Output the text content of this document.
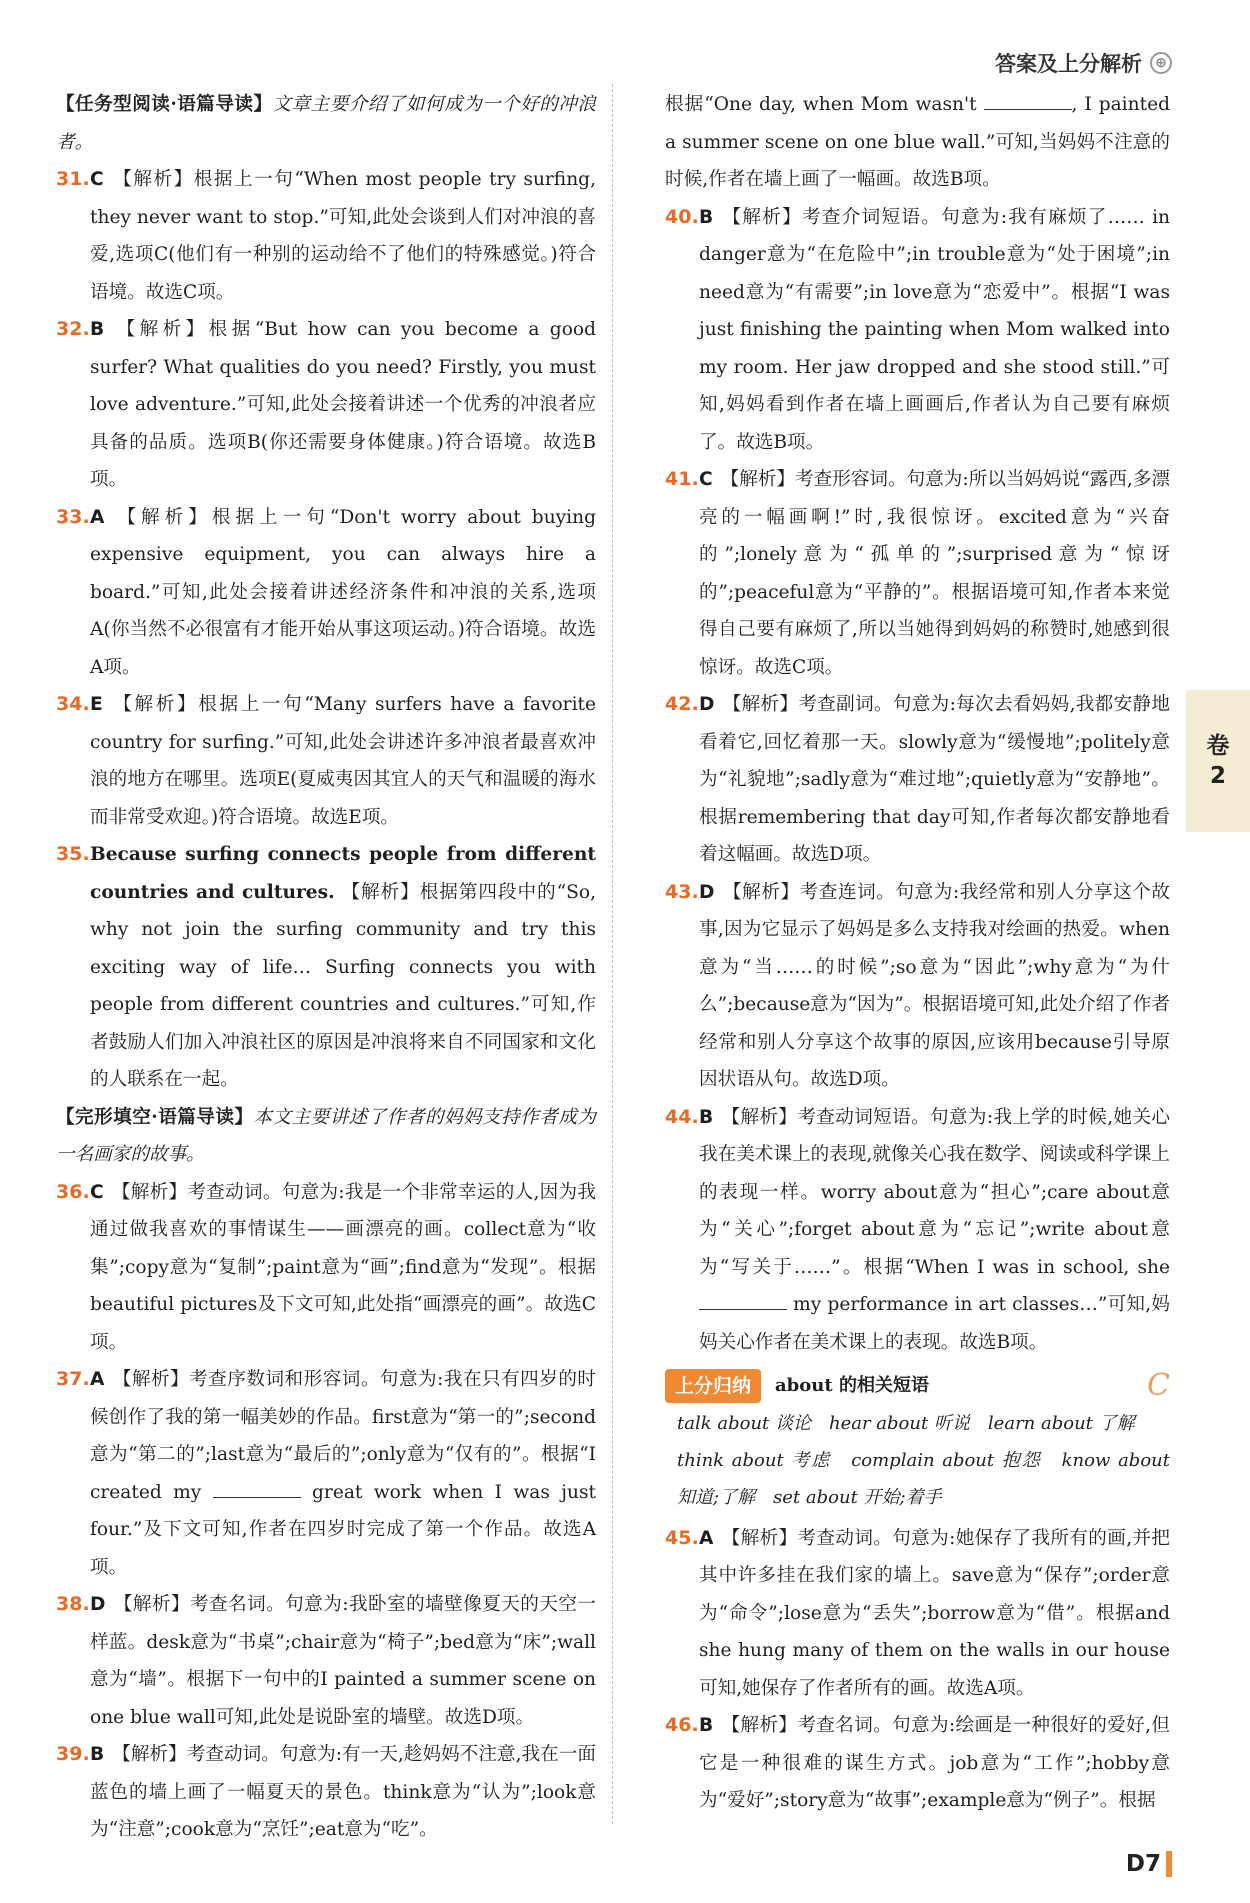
答案及上分解析 ⊕

【任务型阅读·语篇导读】文章主要介绍了如何成为一个好的冲浪者。

31. C 【解析】根据上一句“When most people try surfing, they never want to stop.”可知,此处会谈到人们对冲浪的喜爱,选项C(他们有一种别的运动给不了他们的特殊感觉。)符合语境。故选C项。

32. B 【解析】根据“But how can you become a good surfer? What qualities do you need? Firstly, you must love adventure.”可知,此处会接着讲述一个优秀的冲浪者应具备的品质。选项B(你还需要身体健康。)符合语境。故选B项。

33. A 【解析】根据上一句“Don't worry about buying expensive equipment, you can always hire a board.”可知,此处会接着讲述经济条件和冲浪的关系,选项A(你当然不必很富有才能开始从事这项运动。)符合语境。故选A项。

34. E 【解析】根据上一句“Many surfers have a favorite country for surfing.”可知,此处会讲述许多冲浪者最喜欢冲浪的地方在哪里。选项E(夏威夷因其宜人的天气和温暖的海水而非常受欢迎。)符合语境。故选E项。

35. Because surfing connects people from different countries and cultures. 【解析】根据第四段中的“So, why not join the surfing community and try this exciting way of life… Surfing connects you with people from different countries and cultures.”可知,作者鼓励人们加入冲浪社区的原因是冲浪将来自不同国家和文化的人联系在一起。

【完形填空·语篇导读】本文主要讲述了作者的妈妈支持作者成为一名画家的故事。

36. C 【解析】考查动词。句意为:我是一个非常幸运的人,因为我通过做我喜欢的事情谋生——画漂亮的画。collect意为“收集”;copy意为“复制”;paint意为“画”;find意为“发现”。根据beautiful pictures及下文可知,此处指“画漂亮的画”。故选C项。

37. A 【解析】考查序数词和形容词。句意为:我在只有四岁的时候创作了我的第一幅美妙的作品。first意为“第一的”;second意为“第二的”;last意为“最后的”;only意为“仅有的”。根据“I created my	great work when I was just four.”及下文可知,作者在四岁时完成了第一个作品。故选A项。

38. D 【解析】考查名词。句意为:我卧室的墙壁像夏天的天空一样蓝。desk意为“书桌”;chair意为“椅子”;bed意为“床”;wall意为“墙”。根据下一句中的I painted a summer scene on one blue wall可知,此处是说卧室的墙壁。故选D项。

39. B 【解析】考查动词。句意为:有一天,趁妈妈不注意,我在一面蓝色的墙上画了一幅夏天的景色。think意为“认为”;look意为“注意”;cook意为“烹饪”;eat意为“吃”。

根据“One day, when Mom wasn't	, I painted a summer scene on one blue wall.”可知,当妈妈不注意的时候,作者在墙上画了一幅画。故选B项。

40. B 【解析】考查介词短语。句意为:我有麻烦了…… in danger意为“在危险中”;in trouble意为“处于困境”;in need意为“有需要”;in love意为“恋爱中”。根据“I was just finishing the painting when Mom walked into my room. Her jaw dropped and she stood still.”可知,妈妈看到作者在墙上画画后,作者认为自己要有麻烦了。故选B项。

41. C 【解析】考查形容词。句意为:所以当妈妈说“露西,多漂亮的一幅画啊!”时,我很惊讶。excited意为“兴奋的”;lonely意为“孤单的”;surprised意为“惊讶的”;peaceful意为“平静的”。根据语境可知,作者本来觉得自己要有麻烦了,所以当她得到妈妈的称赞时,她感到很惊讶。故选C项。

42. D 【解析】考查副词。句意为:每次去看妈妈,我都安静地看着它,回忆着那一天。slowly意为“缓慢地”;politely意为“礼貌地”;sadly意为“难过地”;quietly意为“安静地”。根据remembering that day可知,作者每次都安静地看着这幅画。故选D项。

43. D 【解析】考查连词。句意为:我经常和别人分享这个故事,因为它显示了妈妈是多么支持我对绘画的热爱。when意为“当……的时候”;so意为“因此”;why意为“为什么”;because意为“因为”。根据语境可知,此处介绍了作者经常和别人分享这个故事的原因,应该用because引导原因状语从句。故选D项。

44. B 【解析】考查动词短语。句意为:我上学的时候,她关心我在美术课上的表现,就像关心我在数学、阅读或科学课上的表现一样。worry about意为“担心”;care about意为“关心”;forget about意为“忘记”;write about意为“写关于……”。根据“When I was in school, she  my performance in art classes…”可知,妈妈关心作者在美术课上的表现。故选B项。

上分归纳	about 的相关短语	C
talk about 谈论　hear about 听说　learn about 了解
think about 考虑　complain about 抱怨　know about 知道;了解　set about 开始;着手

45. A 【解析】考查动词。句意为:她保存了我所有的画,并把其中许多挂在我们家的墙上。save意为“保存”;order意为“命令”;lose意为“丢失”;borrow意为“借”。根据and she hung many of them on the walls in our house可知,她保存了作者所有的画。故选A项。

46. B 【解析】考查名词。句意为:绘画是一种很好的爱好,但它是一种很难的谋生方式。job意为“工作”;hobby意为“爱好”;story意为“故事”;example意为“例子”。根据

卷
2
D7
